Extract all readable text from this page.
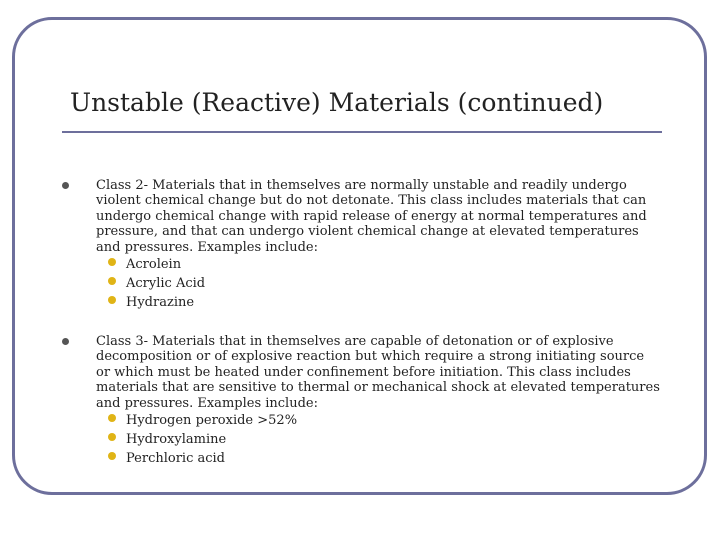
Unstable (Reactive) Materials (continued)

Class 2- Materials that in themselves are normally unstable and readily undergo violent chemical change but do not detonate. This class includes materials that can undergo chemical change with rapid release of energy at normal temperatures and pressure, and that can undergo violent chemical change at elevated temperatures and pressures. Examples include:

Acrolein
Acrylic Acid
Hydrazine

Class 3- Materials that in themselves are capable of detonation or of explosive decomposition or of explosive reaction but which require a strong initiating source or which must be heated under confinement before initiation. This class includes materials that are sensitive to thermal or mechanical shock at elevated temperatures and pressures. Examples include:

Hydrogen peroxide >52%
Hydroxylamine
Perchloric acid
